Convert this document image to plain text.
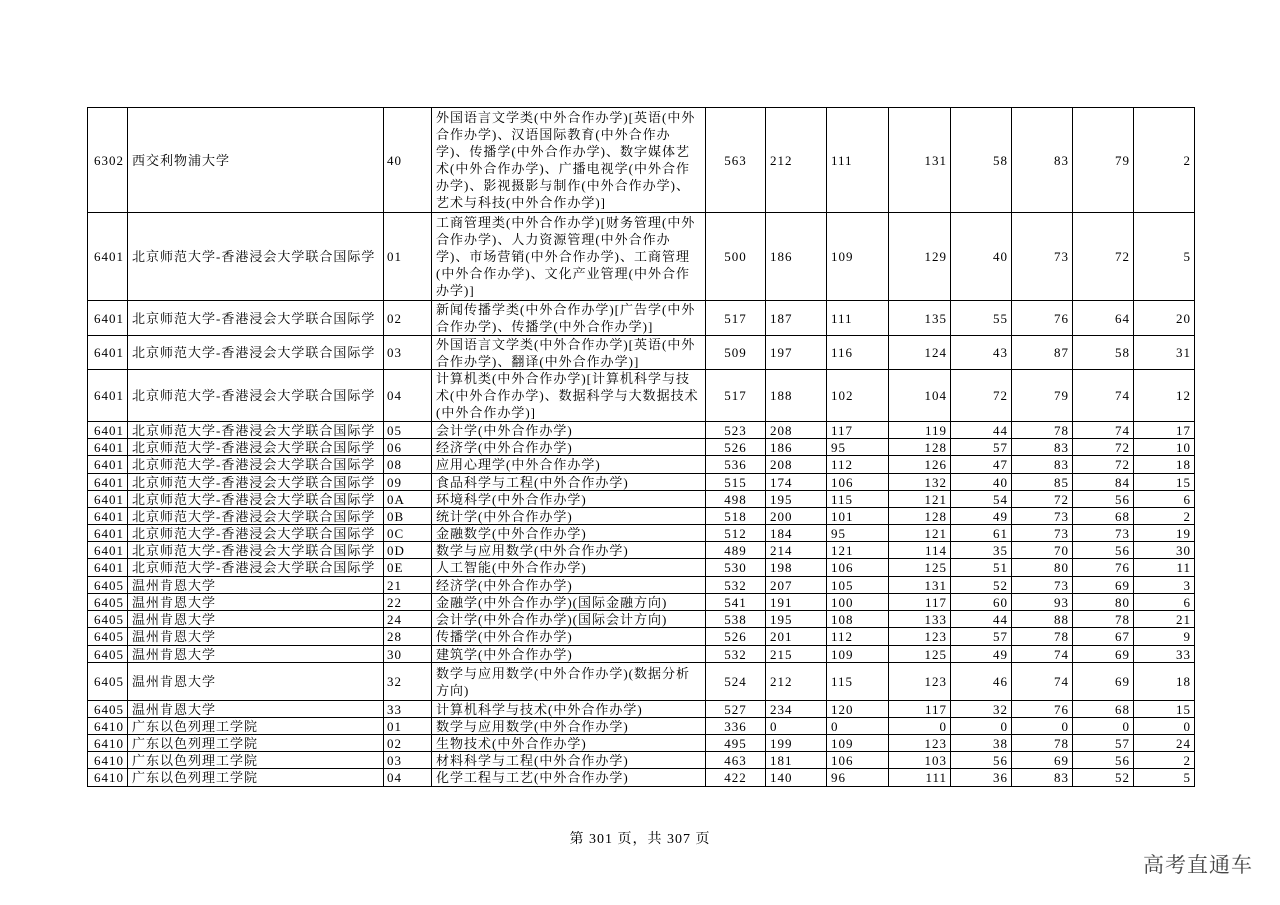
6302	西交利物浦大学	40	外国语言文学类(中外合作办学)[英语(中外合作办学)、汉语国际教育(中外合作办学)、传播学(中外合作办学)、数字媒体艺术(中外合作办学)、广播电视学(中外合作办学)、影视摄影与制作(中外合作办学)、艺术与科技(中外合作办学)]	563	212	111	131	58	83	79	2

6401	北京师范大学-香港浸会大学联合国际学	01	工商管理类(中外合作办学)[财务管理(中外合作办学)、人力资源管理(中外合作办学)、市场营销(中外合作办学)、工商管理(中外合作办学)、文化产业管理(中外合作办学)]	500	186	109	129	40	73	72	5

6401	北京师范大学-香港浸会大学联合国际学	02	新闻传播学类(中外合作办学)[广告学(中外合作办学)、传播学(中外合作办学)]	517	187	111	135	55	76	64	20

6401	北京师范大学-香港浸会大学联合国际学	03	外国语言文学类(中外合作办学)[英语(中外合作办学)、翻译(中外合作办学)]	509	197	116	124	43	87	58	31

6401	北京师范大学-香港浸会大学联合国际学	04	计算机类(中外合作办学)[计算机科学与技术(中外合作办学)、数据科学与大数据技术(中外合作办学)]	517	188	102	104	72	79	74	12

6401	北京师范大学-香港浸会大学联合国际学	05	会计学(中外合作办学)	523	208	117	119	44	78	74	17

6401	北京师范大学-香港浸会大学联合国际学	06	经济学(中外合作办学)	526	186	95	128	57	83	72	10

6401	北京师范大学-香港浸会大学联合国际学	08	应用心理学(中外合作办学)	536	208	112	126	47	83	72	18

6401	北京师范大学-香港浸会大学联合国际学	09	食品科学与工程(中外合作办学)	515	174	106	132	40	85	84	15

6401	北京师范大学-香港浸会大学联合国际学	0A	环境科学(中外合作办学)	498	195	115	121	54	72	56	6

6401	北京师范大学-香港浸会大学联合国际学	0B	统计学(中外合作办学)	518	200	101	128	49	73	68	2

6401	北京师范大学-香港浸会大学联合国际学	0C	金融数学(中外合作办学)	512	184	95	121	61	73	73	19

6401	北京师范大学-香港浸会大学联合国际学	0D	数学与应用数学(中外合作办学)	489	214	121	114	35	70	56	30

6401	北京师范大学-香港浸会大学联合国际学	0E	人工智能(中外合作办学)	530	198	106	125	51	80	76	11

6405	温州肯恩大学	21	经济学(中外合作办学)	532	207	105	131	52	73	69	3

6405	温州肯恩大学	22	金融学(中外合作办学)(国际金融方向)	541	191	100	117	60	93	80	6

6405	温州肯恩大学	24	会计学(中外合作办学)(国际会计方向)	538	195	108	133	44	88	78	21

6405	温州肯恩大学	28	传播学(中外合作办学)	526	201	112	123	57	78	67	9

6405	温州肯恩大学	30	建筑学(中外合作办学)	532	215	109	125	49	74	69	33

6405	温州肯恩大学	32	数学与应用数学(中外合作办学)(数据分析方向)	524	212	115	123	46	74	69	18

6405	温州肯恩大学	33	计算机科学与技术(中外合作办学)	527	234	120	117	32	76	68	15

6410	广东以色列理工学院	01	数学与应用数学(中外合作办学)	336	0	0	0	0	0	0	0

6410	广东以色列理工学院	02	生物技术(中外合作办学)	495	199	109	123	38	78	57	24

6410	广东以色列理工学院	03	材料科学与工程(中外合作办学)	463	181	106	103	56	69	56	2

6410	广东以色列理工学院	04	化学工程与工艺(中外合作办学)	422	140	96	111	36	83	52	5
第 301 页，共 307 页
高考直通车
